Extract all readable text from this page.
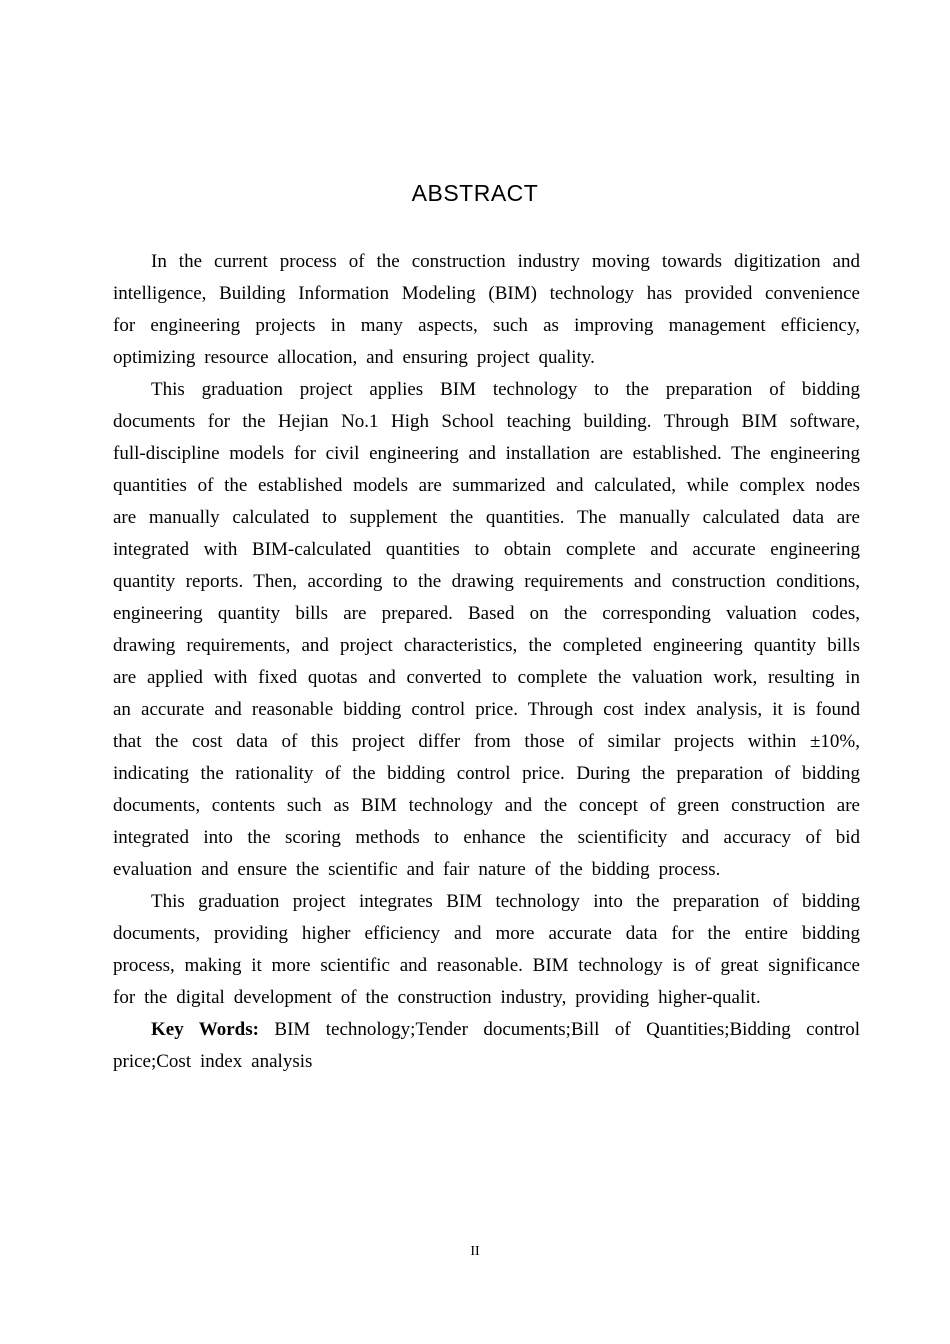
ABSTRACT

In the current process of the construction industry moving towards digitization and intelligence, Building Information Modeling (BIM) technology has provided convenience for engineering projects in many aspects, such as improving management efficiency, optimizing resource allocation, and ensuring project quality.

This graduation project applies BIM technology to the preparation of bidding documents for the Hejian No.1 High School teaching building. Through BIM software, full-discipline models for civil engineering and installation are established. The engineering quantities of the established models are summarized and calculated, while complex nodes are manually calculated to supplement the quantities. The manually calculated data are integrated with BIM-calculated quantities to obtain complete and accurate engineering quantity reports. Then, according to the drawing requirements and construction conditions, engineering quantity bills are prepared. Based on the corresponding valuation codes, drawing requirements, and project characteristics, the completed engineering quantity bills are applied with fixed quotas and converted to complete the valuation work, resulting in an accurate and reasonable bidding control price. Through cost index analysis, it is found that the cost data of this project differ from those of similar projects within ±10%, indicating the rationality of the bidding control price. During the preparation of bidding documents, contents such as BIM technology and the concept of green construction are integrated into the scoring methods to enhance the scientificity and accuracy of bid evaluation and ensure the scientific and fair nature of the bidding process.

This graduation project integrates BIM technology into the preparation of bidding documents, providing higher efficiency and more accurate data for the entire bidding process, making it more scientific and reasonable. BIM technology is of great significance for the digital development of the construction industry, providing higher-qualit.

Key Words: BIM technology;Tender documents;Bill of Quantities;Bidding control price;Cost index analysis

II
